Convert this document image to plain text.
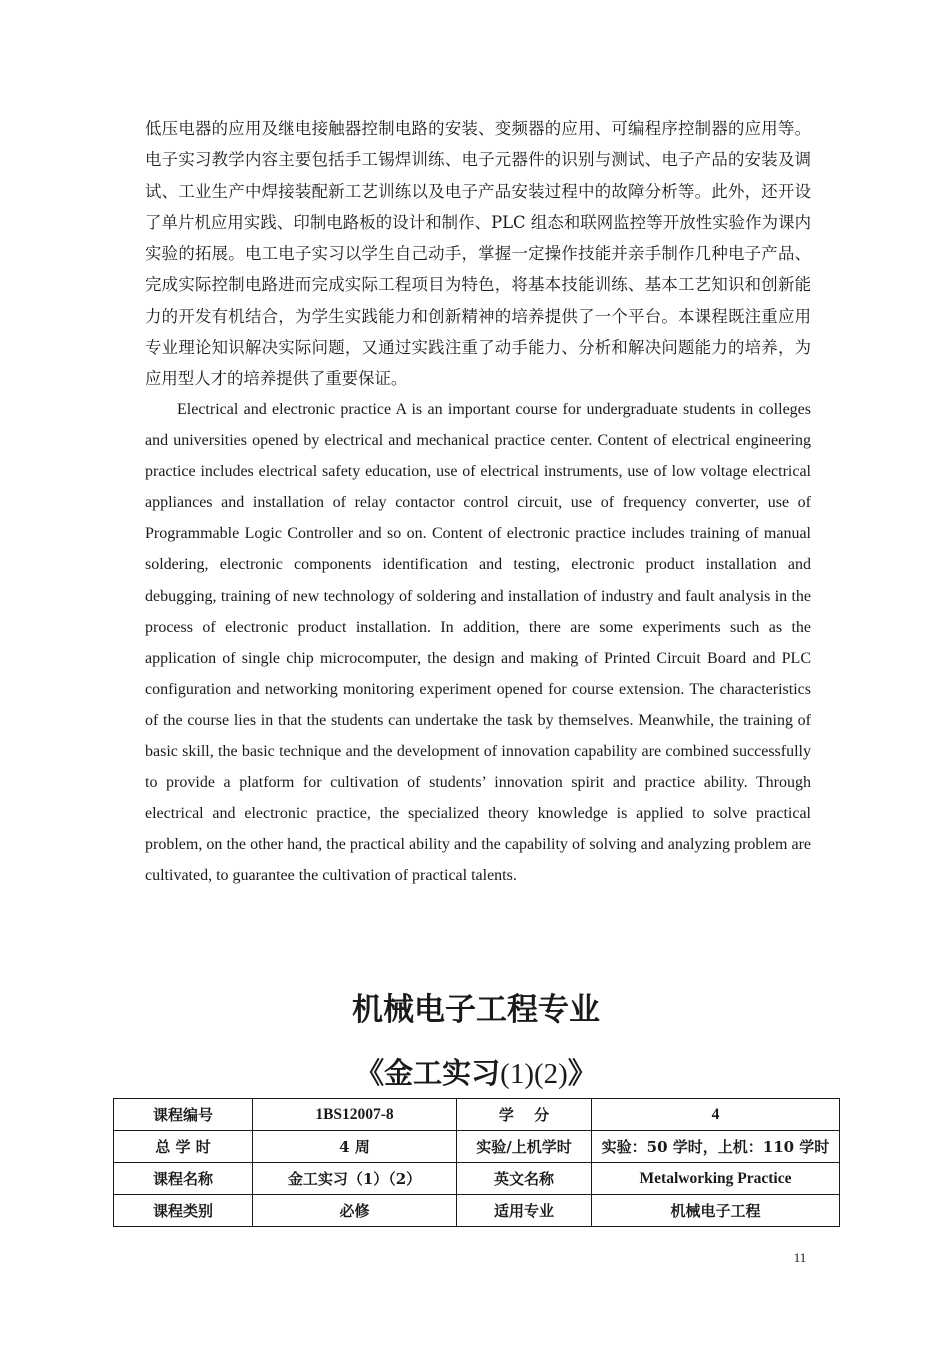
低压电器的应用及继电接触器控制电路的安装、变频器的应用、可编程序控制器的应用等。电子实习教学内容主要包括手工锡焊训练、电子元器件的识别与测试、电子产品的安装及调试、工业生产中焊接装配新工艺训练以及电子产品安装过程中的故障分析等。此外，还开设了单片机应用实践、印制电路板的设计和制作、PLC 组态和联网监控等开放性实验作为课内实验的拓展。电工电子实习以学生自己动手，掌握一定操作技能并亲手制作几种电子产品、完成实际控制电路进而完成实际工程项目为特色，将基本技能训练、基本工艺知识和创新能力的开发有机结合，为学生实践能力和创新精神的培养提供了一个平台。本课程既注重应用专业理论知识解决实际问题，又通过实践注重了动手能力、分析和解决问题能力的培养，为应用型人才的培养提供了重要保证。

Electrical and electronic practice A is an important course for undergraduate students in colleges and universities opened by electrical and mechanical practice center. Content of electrical engineering practice includes electrical safety education, use of electrical instruments, use of low voltage electrical appliances and installation of relay contactor control circuit, use of frequency converter, use of Programmable Logic Controller and so on. Content of electronic practice includes training of manual soldering, electronic components identification and testing, electronic product installation and debugging, training of new technology of soldering and installation of industry and fault analysis in the process of electronic product installation. In addition, there are some experiments such as the application of single chip microcomputer, the design and making of Printed Circuit Board and PLC configuration and networking monitoring experiment opened for course extension. The characteristics of the course lies in that the students can undertake the task by themselves. Meanwhile, the training of basic skill, the basic technique and the development of innovation capability are combined successfully to provide a platform for cultivation of students’ innovation spirit and practice ability. Through electrical and electronic practice, the specialized theory knowledge is applied to solve practical problem, on the other hand, the practical ability and the capability of solving and analyzing problem are cultivated, to guarantee the cultivation of practical talents.

机械电子工程专业
《金工实习(1)(2)》
课程编号	1BS12007-8	学　 分	4
总 学 时	4 周	实验/上机学时	实验：50 学时，上机：110 学时
课程名称	金工实习（1）（2）	英文名称	Metalworking Practice
课程类别	必修	适用专业	机械电子工程
11
